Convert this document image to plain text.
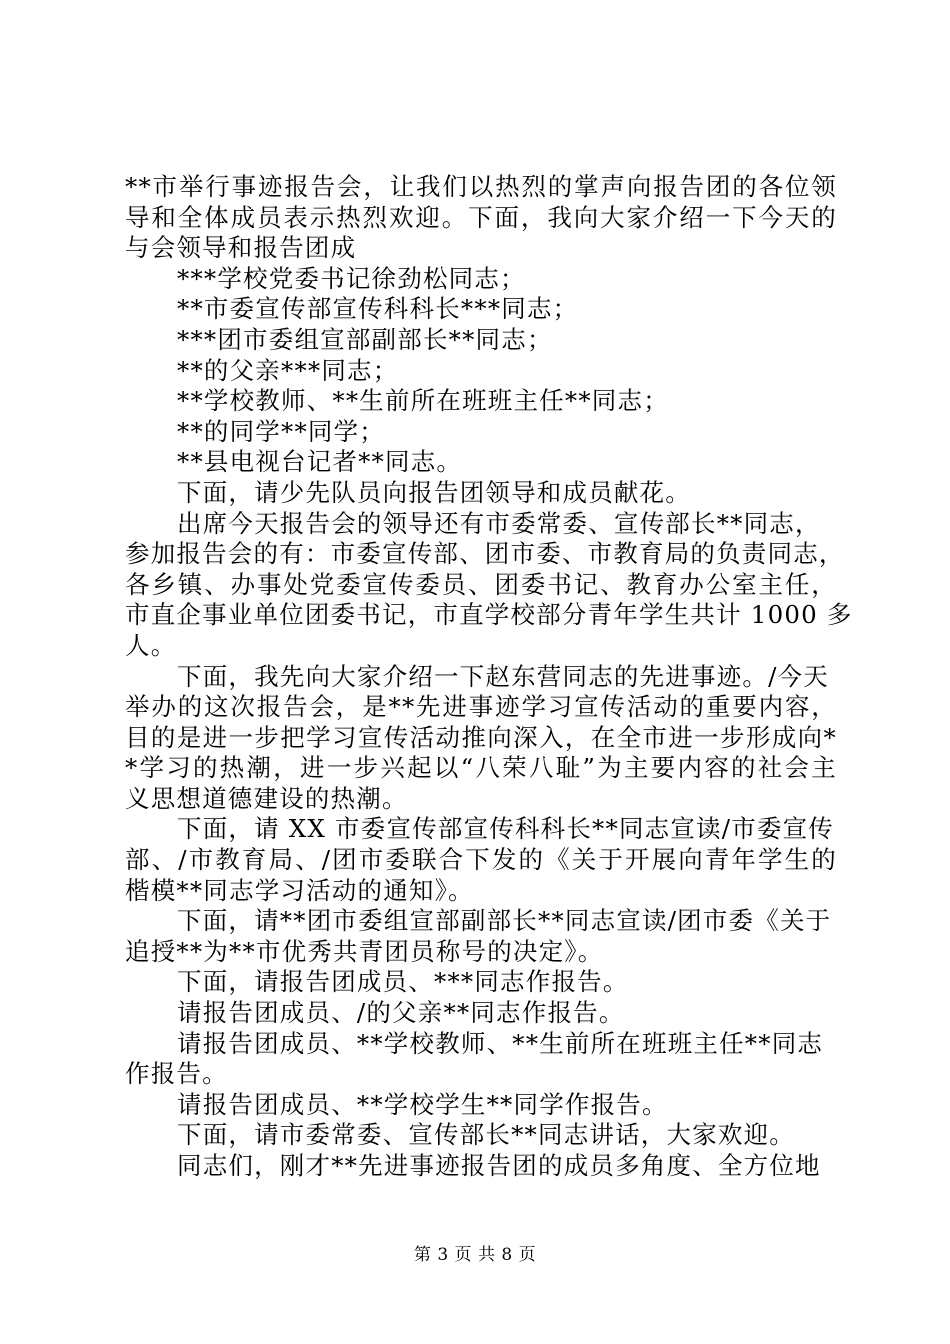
**市举行事迹报告会，让我们以热烈的掌声向报告团的各位领
导和全体成员表示热烈欢迎。下面，我向大家介绍一下今天的
与会领导和报告团成
***学校党委书记徐劲松同志；
**市委宣传部宣传科科长***同志；
***团市委组宣部副部长**同志；
**的父亲***同志；
**学校教师、**生前所在班班主任**同志；
**的同学**同学；
**县电视台记者**同志。
下面，请少先队员向报告团领导和成员献花。
出席今天报告会的领导还有市委常委、宣传部长**同志，
参加报告会的有：市委宣传部、团市委、市教育局的负责同志，
各乡镇、办事处党委宣传委员、团委书记、教育办公室主任，
市直企事业单位团委书记，市直学校部分青年学生共计 1000 多
人。
下面，我先向大家介绍一下赵东营同志的先进事迹。/今天
举办的这次报告会，是**先进事迹学习宣传活动的重要内容，
目的是进一步把学习宣传活动推向深入，在全市进一步形成向*
*学习的热潮，进一步兴起以“八荣八耻”为主要内容的社会主
义思想道德建设的热潮。
下面，请 XX 市委宣传部宣传科科长**同志宣读/市委宣传
部、/市教育局、/团市委联合下发的《关于开展向青年学生的
楷模**同志学习活动的通知》。
下面，请**团市委组宣部副部长**同志宣读/团市委《关于
追授**为**市优秀共青团员称号的决定》。
下面，请报告团成员、***同志作报告。
请报告团成员、/的父亲**同志作报告。
请报告团成员、**学校教师、**生前所在班班主任**同志
作报告。
请报告团成员、**学校学生**同学作报告。
下面，请市委常委、宣传部长**同志讲话，大家欢迎。
同志们，刚才**先进事迹报告团的成员多角度、全方位地
第 3 页 共 8 页
